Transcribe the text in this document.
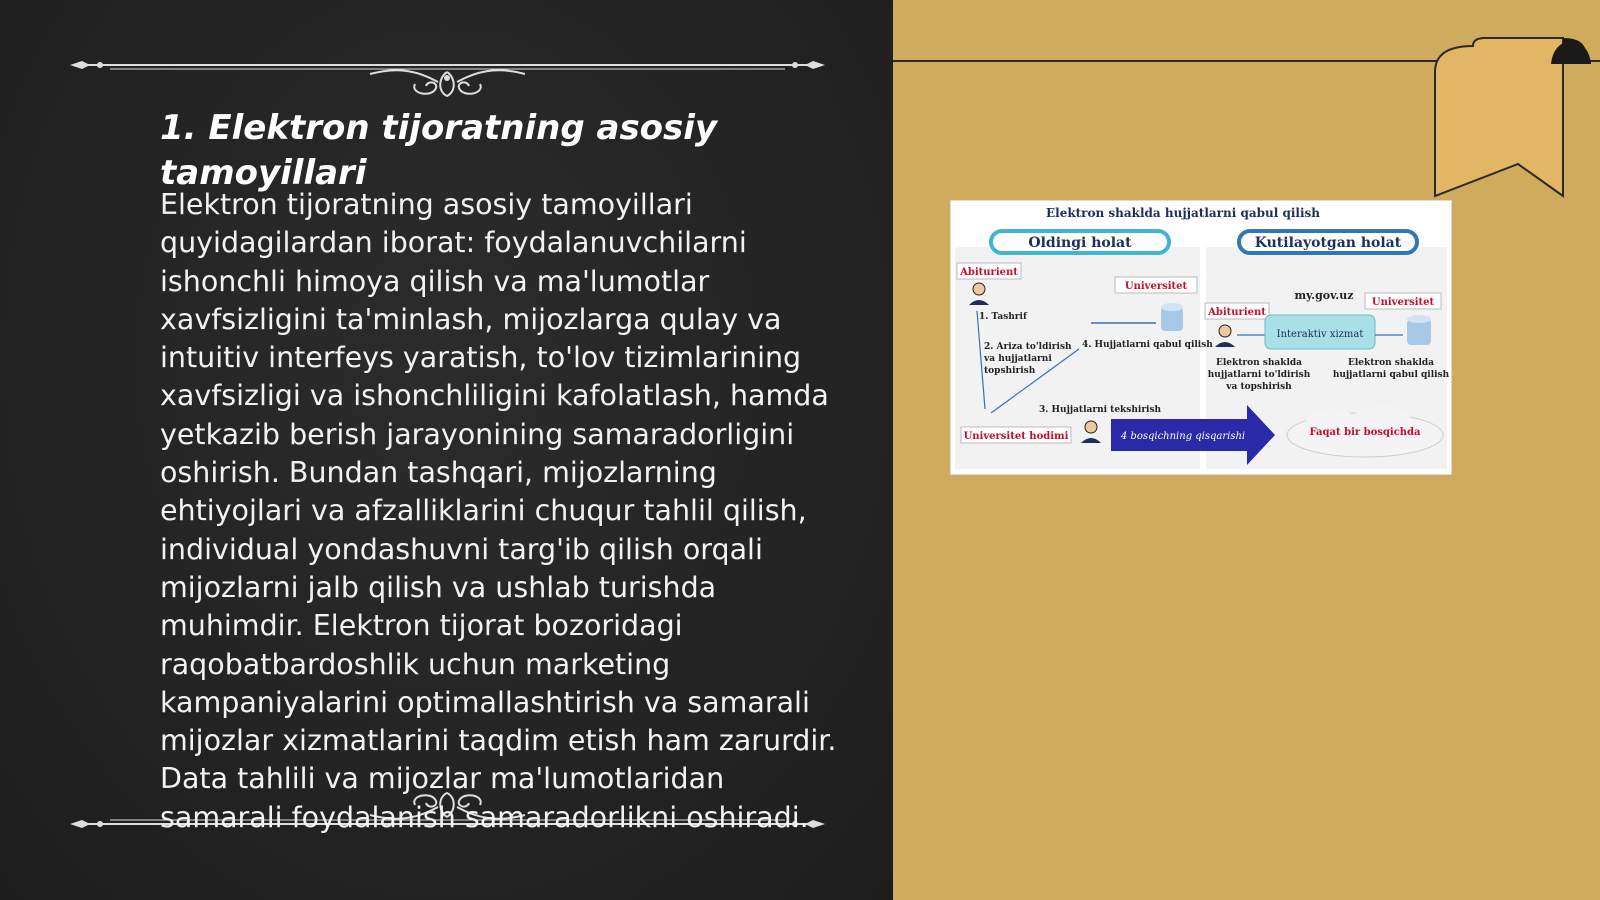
1. Elektron tijoratning asosiy tamoyillari

Elektron tijoratning asosiy tamoyillari quyidagilardan iborat: foydalanuvchilarni ishonchli himoya qilish va ma'lumotlar xavfsizligini ta'minlash, mijozlarga qulay va intuitiv interfeys yaratish, to'lov tizimlarining xavfsizligi va ishonchliligini kafolatlash, hamda yetkazib berish jarayonining samaradorligini oshirish. Bundan tashqari, mijozlarning ehtiyojlari va afzalliklarini chuqur tahlil qilish, individual yondashuvni targ'ib qilish orqali mijozlarni jalb qilish va ushlab turishda muhimdir. Elektron tijorat bozoridagi raqobatbardoshlik uchun marketing kampaniyalarini optimallashtirish va samarali mijozlar xizmatlarini taqdim etish ham zarurdir. Data tahlili va mijozlar ma'lumotlaridan samarali foydalanish samaradorlikni oshiradi.

Elektron shaklda hujjatlarni qabul qilish
Oldingi holat	Kutilayotgan holat
Abiturient
Universitet
1. Tashrif
4. Hujjatlarni qabul qilish
2. Ariza to'ldirish
va hujjatlarni
topshirish
3. Hujjatlarni tekshirish
Universitet hodimi
my.gov.uz
Abiturient
Universitet
Interaktiv xizmat
Elektron shaklda
hujjatlarni to'ldirish
va topshirish
Elektron shaklda
hujjatlarni qabul qilish
4 bosqichning qisqarishi	Faqat bir bosqichda
